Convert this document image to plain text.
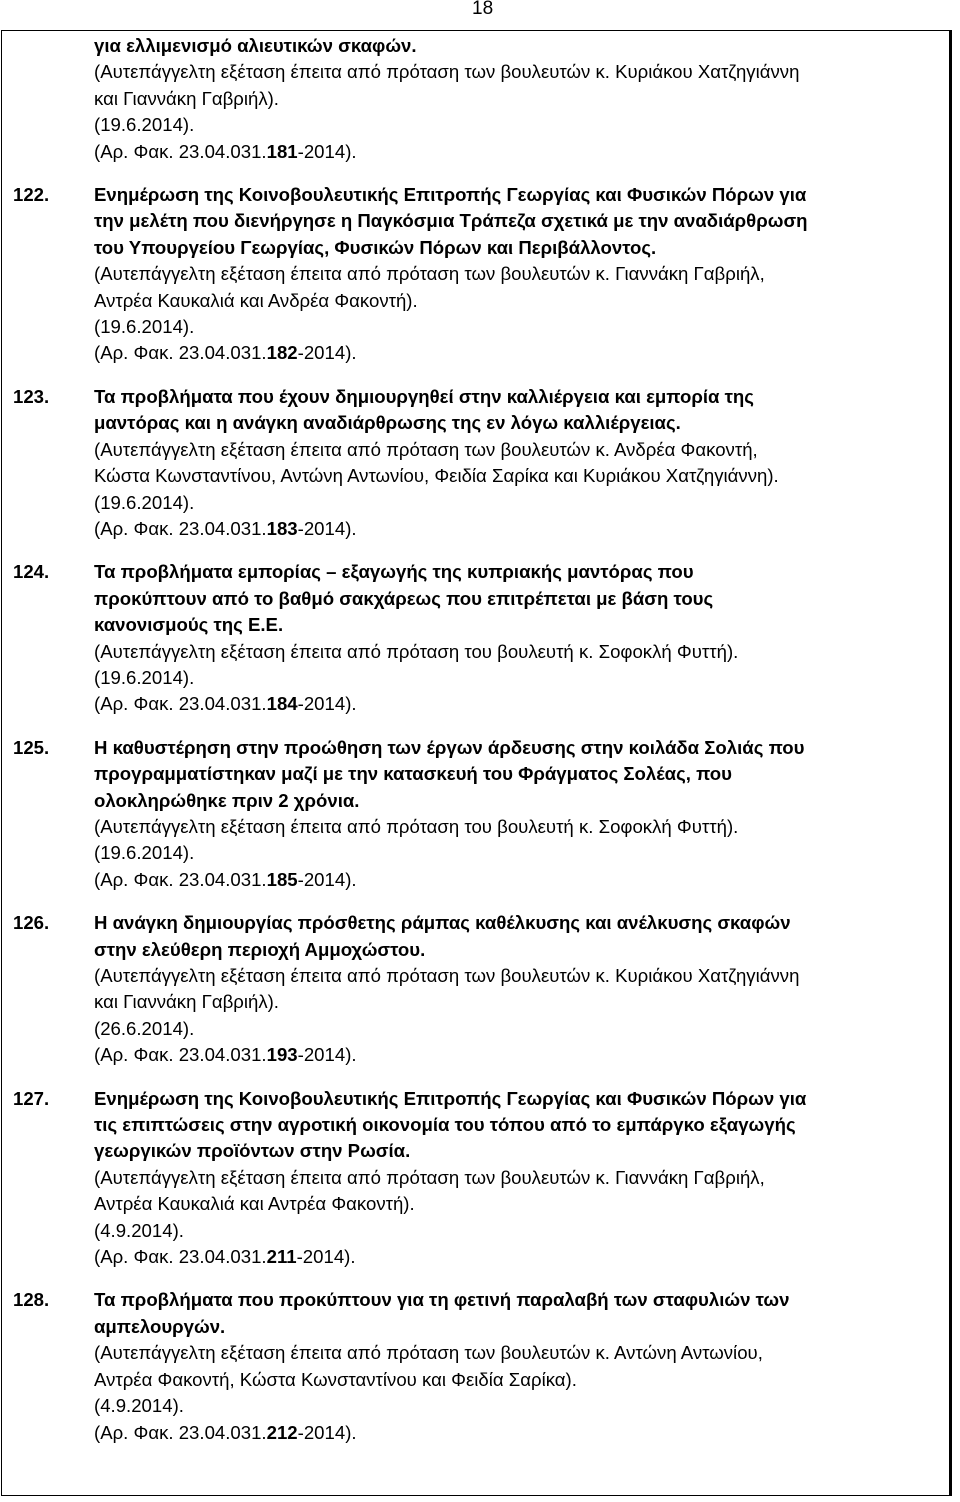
18
για ελλιμενισμό αλιευτικών σκαφών.
(Αυτεπάγγελτη εξέταση έπειτα από πρόταση των βουλευτών κ. Κυριάκου Χατζηγιάννη
και Γιαννάκη Γαβριήλ).
(19.6.2014).
(Αρ. Φακ. 23.04.031.181-2014).
122. Ενημέρωση της Κοινοβουλευτικής Επιτροπής Γεωργίας και Φυσικών Πόρων για
την μελέτη που διενήργησε η Παγκόσμια Τράπεζα σχετικά με την αναδιάρθρωση
του Υπουργείου Γεωργίας, Φυσικών Πόρων και Περιβάλλοντος.
(Αυτεπάγγελτη εξέταση έπειτα από πρόταση των βουλευτών κ. Γιαννάκη Γαβριήλ,
Αντρέα Καυκαλιά και Ανδρέα Φακοντή).
(19.6.2014).
(Αρ. Φακ. 23.04.031.182-2014).
123. Τα προβλήματα που έχουν δημιουργηθεί στην καλλιέργεια και εμπορία της
μαντόρας και η ανάγκη αναδιάρθρωσης της εν λόγω καλλιέργειας.
(Αυτεπάγγελτη εξέταση έπειτα από πρόταση των βουλευτών κ. Ανδρέα Φακοντή,
Κώστα Κωνσταντίνου, Αντώνη Αντωνίου, Φειδία Σαρίκα και Κυριάκου Χατζηγιάννη).
(19.6.2014).
(Αρ. Φακ. 23.04.031.183-2014).
124. Τα προβλήματα εμπορίας – εξαγωγής της κυπριακής μαντόρας που
προκύπτουν από το βαθμό σακχάρεως που επιτρέπεται με βάση τους
κανονισμούς της Ε.Ε.
(Αυτεπάγγελτη εξέταση έπειτα από πρόταση του βουλευτή κ. Σοφοκλή Φυττή).
(19.6.2014).
(Αρ. Φακ. 23.04.031.184-2014).
125. Η καθυστέρηση στην προώθηση των έργων άρδευσης στην κοιλάδα Σολιάς που
προγραμματίστηκαν μαζί με την κατασκευή του Φράγματος Σολέας, που
ολοκληρώθηκε πριν 2 χρόνια.
(Αυτεπάγγελτη εξέταση έπειτα από πρόταση του βουλευτή κ. Σοφοκλή Φυττή).
(19.6.2014).
(Αρ. Φακ. 23.04.031.185-2014).
126. Η ανάγκη δημιουργίας πρόσθετης ράμπας καθέλκυσης και ανέλκυσης σκαφών
στην ελεύθερη περιοχή Αμμοχώστου.
(Αυτεπάγγελτη εξέταση έπειτα από πρόταση των βουλευτών κ. Κυριάκου Χατζηγιάννη
και Γιαννάκη Γαβριήλ).
(26.6.2014).
(Αρ. Φακ. 23.04.031.193-2014).
127. Ενημέρωση της Κοινοβουλευτικής Επιτροπής Γεωργίας και Φυσικών Πόρων για
τις επιπτώσεις στην αγροτική οικονομία του τόπου από το εμπάργκο εξαγωγής
γεωργικών προϊόντων στην Ρωσία.
(Αυτεπάγγελτη εξέταση έπειτα από πρόταση των βουλευτών κ. Γιαννάκη Γαβριήλ,
Αντρέα Καυκαλιά και Αντρέα Φακοντή).
(4.9.2014).
(Αρ. Φακ. 23.04.031.211-2014).
128. Τα προβλήματα που προκύπτουν για τη φετινή παραλαβή των σταφυλιών των
αμπελουργών.
(Αυτεπάγγελτη εξέταση έπειτα από πρόταση των βουλευτών κ. Αντώνη Αντωνίου,
Αντρέα Φακοντή, Κώστα Κωνσταντίνου και Φειδία Σαρίκα).
(4.9.2014).
(Αρ. Φακ. 23.04.031.212-2014).
